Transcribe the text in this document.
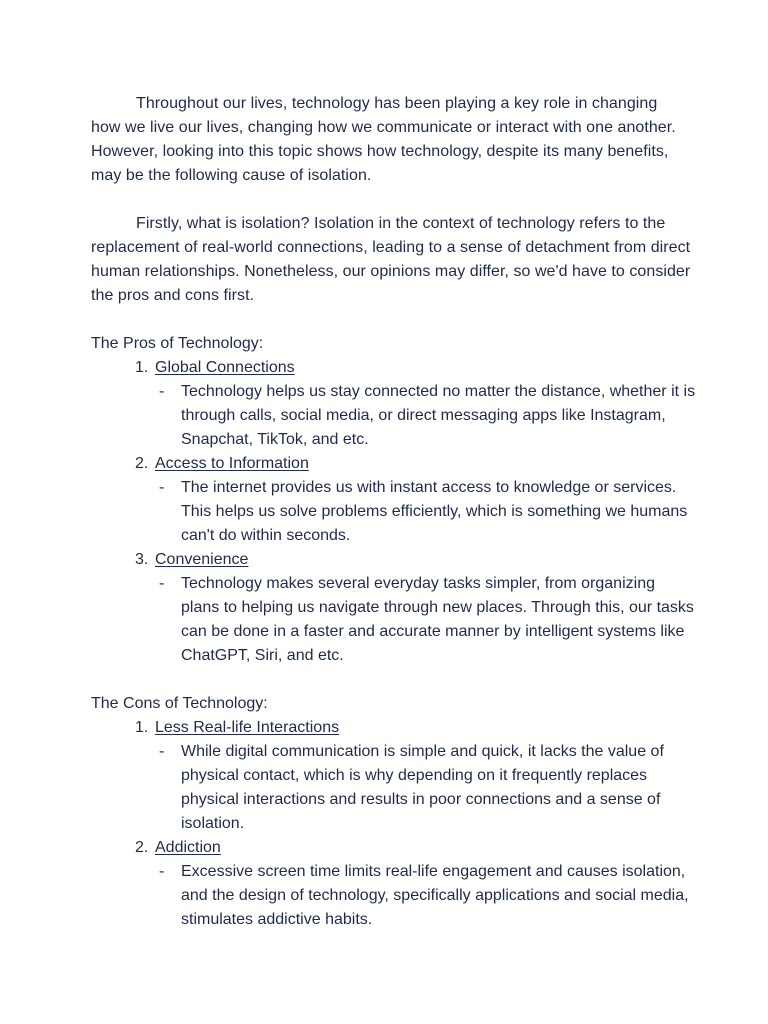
Throughout our lives, technology has been playing a key role in changing how we live our lives, changing how we communicate or interact with one another. However, looking into this topic shows how technology, despite its many benefits, may be the following cause of isolation.

Firstly, what is isolation? Isolation in the context of technology refers to the replacement of real-world connections, leading to a sense of detachment from direct human relationships. Nonetheless, our opinions may differ, so we'd have to consider the pros and cons first.

The Pros of Technology:

1. Global Connections

- Technology helps us stay connected no matter the distance, whether it is through calls, social media, or direct messaging apps like Instagram, Snapchat, TikTok, and etc.

2. Access to Information

- The internet provides us with instant access to knowledge or services. This helps us solve problems efficiently, which is something we humans can't do within seconds.

3. Convenience

- Technology makes several everyday tasks simpler, from organizing plans to helping us navigate through new places. Through this, our tasks can be done in a faster and accurate manner by intelligent systems like ChatGPT, Siri, and etc.

The Cons of Technology:

1. Less Real-life Interactions

- While digital communication is simple and quick, it lacks the value of physical contact, which is why depending on it frequently replaces physical interactions and results in poor connections and a sense of isolation.

2. Addiction

- Excessive screen time limits real-life engagement and causes isolation, and the design of technology, specifically applications and social media, stimulates addictive habits.
